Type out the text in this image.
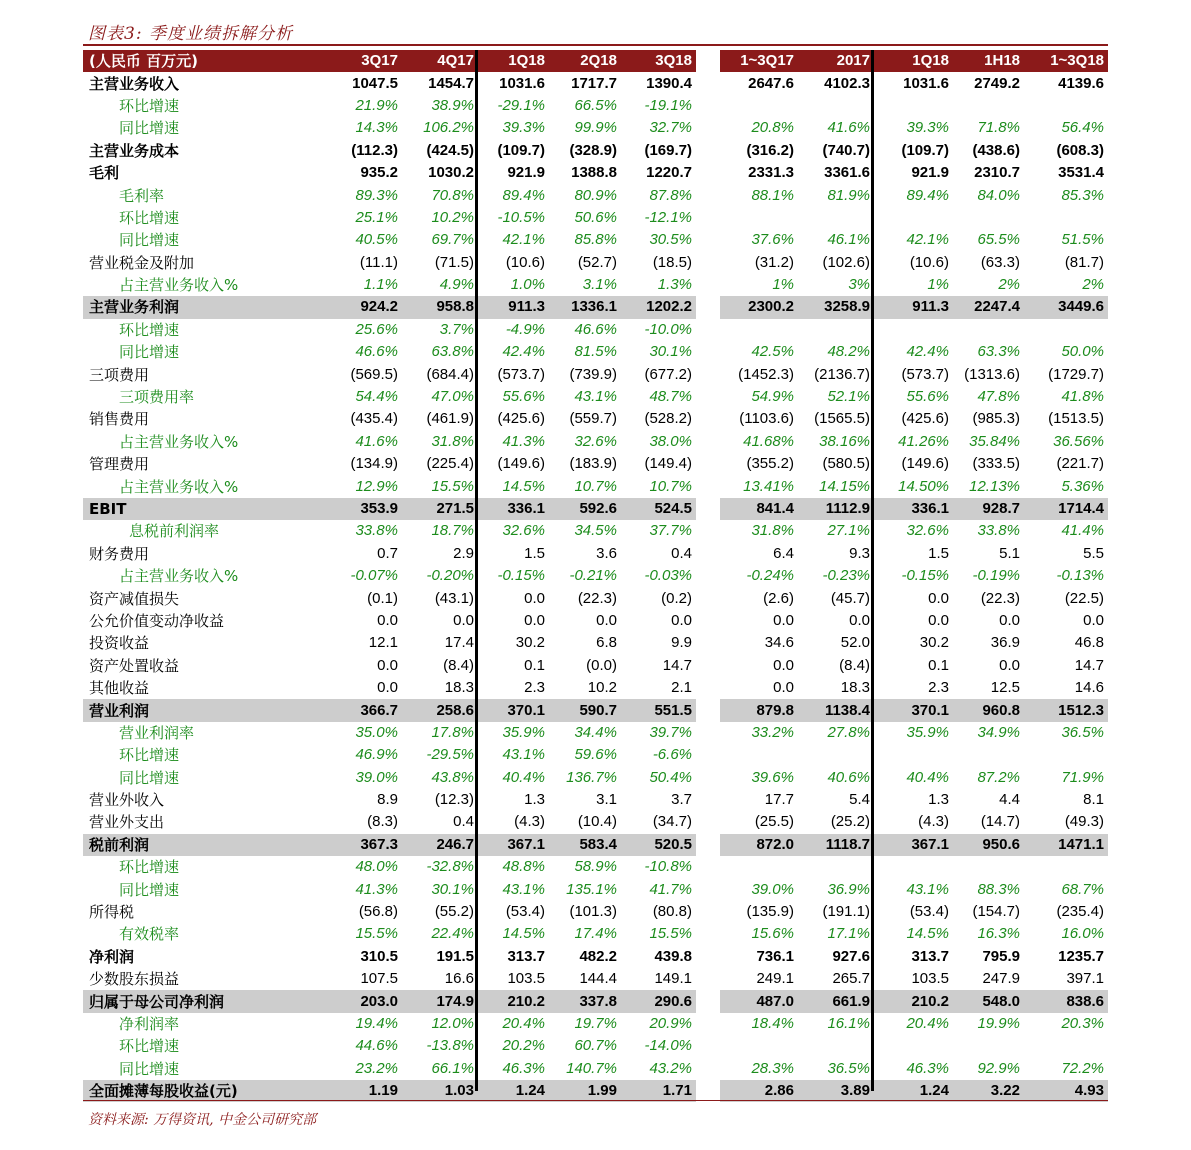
图表3: 季度业绩拆解分析
(人民币 百万元)	3Q17	4Q17	1Q18	2Q18	3Q18		1~3Q17	2017	1Q18	1H18	1~3Q18
主营业务收入	1047.5	1454.7	1031.6	1717.7	1390.4		2647.6	4102.3	1031.6	2749.2	4139.6
环比增速	21.9%	38.9%	-29.1%	66.5%	-19.1%						
同比增速	14.3%	106.2%	39.3%	99.9%	32.7%		20.8%	41.6%	39.3%	71.8%	56.4%
主营业务成本	(112.3)	(424.5)	(109.7)	(328.9)	(169.7)		(316.2)	(740.7)	(109.7)	(438.6)	(608.3)
毛利	935.2	1030.2	921.9	1388.8	1220.7		2331.3	3361.6	921.9	2310.7	3531.4
毛利率	89.3%	70.8%	89.4%	80.9%	87.8%		88.1%	81.9%	89.4%	84.0%	85.3%
环比增速	25.1%	10.2%	-10.5%	50.6%	-12.1%						
同比增速	40.5%	69.7%	42.1%	85.8%	30.5%		37.6%	46.1%	42.1%	65.5%	51.5%
营业税金及附加	(11.1)	(71.5)	(10.6)	(52.7)	(18.5)		(31.2)	(102.6)	(10.6)	(63.3)	(81.7)
占主营业务收入%	1.1%	4.9%	1.0%	3.1%	1.3%		1%	3%	1%	2%	2%
主营业务利润	924.2	958.8	911.3	1336.1	1202.2		2300.2	3258.9	911.3	2247.4	3449.6
环比增速	25.6%	3.7%	-4.9%	46.6%	-10.0%						
同比增速	46.6%	63.8%	42.4%	81.5%	30.1%		42.5%	48.2%	42.4%	63.3%	50.0%
三项费用	(569.5)	(684.4)	(573.7)	(739.9)	(677.2)		(1452.3)	(2136.7)	(573.7)	(1313.6)	(1729.7)
三项费用率	54.4%	47.0%	55.6%	43.1%	48.7%		54.9%	52.1%	55.6%	47.8%	41.8%
销售费用	(435.4)	(461.9)	(425.6)	(559.7)	(528.2)		(1103.6)	(1565.5)	(425.6)	(985.3)	(1513.5)
占主营业务收入%	41.6%	31.8%	41.3%	32.6%	38.0%		41.68%	38.16%	41.26%	35.84%	36.56%
管理费用	(134.9)	(225.4)	(149.6)	(183.9)	(149.4)		(355.2)	(580.5)	(149.6)	(333.5)	(221.7)
占主营业务收入%	12.9%	15.5%	14.5%	10.7%	10.7%		13.41%	14.15%	14.50%	12.13%	5.36%
EBIT	353.9	271.5	336.1	592.6	524.5		841.4	1112.9	336.1	928.7	1714.4
息税前利润率	33.8%	18.7%	32.6%	34.5%	37.7%		31.8%	27.1%	32.6%	33.8%	41.4%
财务费用	0.7	2.9	1.5	3.6	0.4		6.4	9.3	1.5	5.1	5.5
占主营业务收入%	-0.07%	-0.20%	-0.15%	-0.21%	-0.03%		-0.24%	-0.23%	-0.15%	-0.19%	-0.13%
资产减值损失	(0.1)	(43.1)	0.0	(22.3)	(0.2)		(2.6)	(45.7)	0.0	(22.3)	(22.5)
公允价值变动净收益	0.0	0.0	0.0	0.0	0.0		0.0	0.0	0.0	0.0	0.0
投资收益	12.1	17.4	30.2	6.8	9.9		34.6	52.0	30.2	36.9	46.8
资产处置收益	0.0	(8.4)	0.1	(0.0)	14.7		0.0	(8.4)	0.1	0.0	14.7
其他收益	0.0	18.3	2.3	10.2	2.1		0.0	18.3	2.3	12.5	14.6
营业利润	366.7	258.6	370.1	590.7	551.5		879.8	1138.4	370.1	960.8	1512.3
营业利润率	35.0%	17.8%	35.9%	34.4%	39.7%		33.2%	27.8%	35.9%	34.9%	36.5%
环比增速	46.9%	-29.5%	43.1%	59.6%	-6.6%						
同比增速	39.0%	43.8%	40.4%	136.7%	50.4%		39.6%	40.6%	40.4%	87.2%	71.9%
营业外收入	8.9	(12.3)	1.3	3.1	3.7		17.7	5.4	1.3	4.4	8.1
营业外支出	(8.3)	0.4	(4.3)	(10.4)	(34.7)		(25.5)	(25.2)	(4.3)	(14.7)	(49.3)
税前利润	367.3	246.7	367.1	583.4	520.5		872.0	1118.7	367.1	950.6	1471.1
环比增速	48.0%	-32.8%	48.8%	58.9%	-10.8%						
同比增速	41.3%	30.1%	43.1%	135.1%	41.7%		39.0%	36.9%	43.1%	88.3%	68.7%
所得税	(56.8)	(55.2)	(53.4)	(101.3)	(80.8)		(135.9)	(191.1)	(53.4)	(154.7)	(235.4)
有效税率	15.5%	22.4%	14.5%	17.4%	15.5%		15.6%	17.1%	14.5%	16.3%	16.0%
净利润	310.5	191.5	313.7	482.2	439.8		736.1	927.6	313.7	795.9	1235.7
少数股东损益	107.5	16.6	103.5	144.4	149.1		249.1	265.7	103.5	247.9	397.1
归属于母公司净利润	203.0	174.9	210.2	337.8	290.6		487.0	661.9	210.2	548.0	838.6
净利润率	19.4%	12.0%	20.4%	19.7%	20.9%		18.4%	16.1%	20.4%	19.9%	20.3%
环比增速	44.6%	-13.8%	20.2%	60.7%	-14.0%						
同比增速	23.2%	66.1%	46.3%	140.7%	43.2%		28.3%	36.5%	46.3%	92.9%	72.2%
全面摊薄每股收益(元)	1.19	1.03	1.24	1.99	1.71		2.86	3.89	1.24	3.22	4.93
资料来源: 万得资讯, 中金公司研究部
